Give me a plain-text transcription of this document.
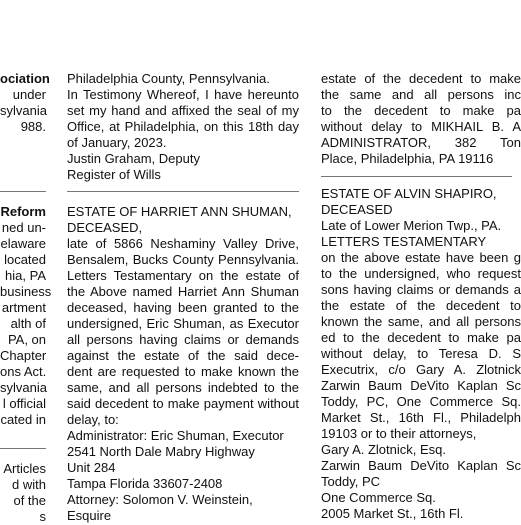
ociation
under
sylvania
988.
Reform
ned un-
elaware
located
hia, PA
business
artment
alth of
PA, on
Chapter
ons Act.
sylvania
l official
cated in
Articles
d with
of the
s
Philadelphia County, Pennsylvania.
In Testimony Whereof, I have hereunto
set my hand and affixed the seal of my
Office, at Philadelphia, on this 18th day
of January, 2023.
Justin Graham, Deputy
Register of Wills
ESTATE OF HARRIET ANN SHUMAN,
DECEASED,
late of 5866 Neshaminy Valley Drive,
Bensalem, Bucks County Pennsylvania.
Letters Testamentary on the estate of
the Above named Harriet Ann Shuman
deceased, having been granted to the
undersigned, Eric Shuman, as Executor
all persons having claims or demands
against the estate of the said dece-
dent are requested to make known the
same, and all persons indebted to the
said decedent to make payment without
delay, to:
Administrator: Eric Shuman, Executor
2541 North Dale Mabry Highway
Unit 284
Tampa Florida 33607-2408
Attorney: Solomon V. Weinstein,
Esquire
estate of the decedent to make
the same and all persons inc
to the decedent to make pa
without delay to MIKHAIL B. A
ADMINISTRATOR, 382 Ton
Place, Philadelphia, PA 19116
ESTATE OF ALVIN SHAPIRO,
DECEASED
Late of Lower Merion Twp., PA.
LETTERS TESTAMENTARY
on the above estate have been g
to the undersigned, who request
sons having claims or demands a
the estate of the decedent to
known the same, and all persons
ed to the decedent to make pa
without delay, to Teresa D. S
Executrix, c/o Gary A. Zlotnick
Zarwin Baum DeVito Kaplan Sc
Toddy, PC, One Commerce Sq.
Market St., 16th Fl., Philadelph
19103 or to their attorneys,
Gary A. Zlotnick, Esq.
Zarwin Baum DeVito Kaplan Sc
Toddy, PC
One Commerce Sq.
2005 Market St., 16th Fl.
